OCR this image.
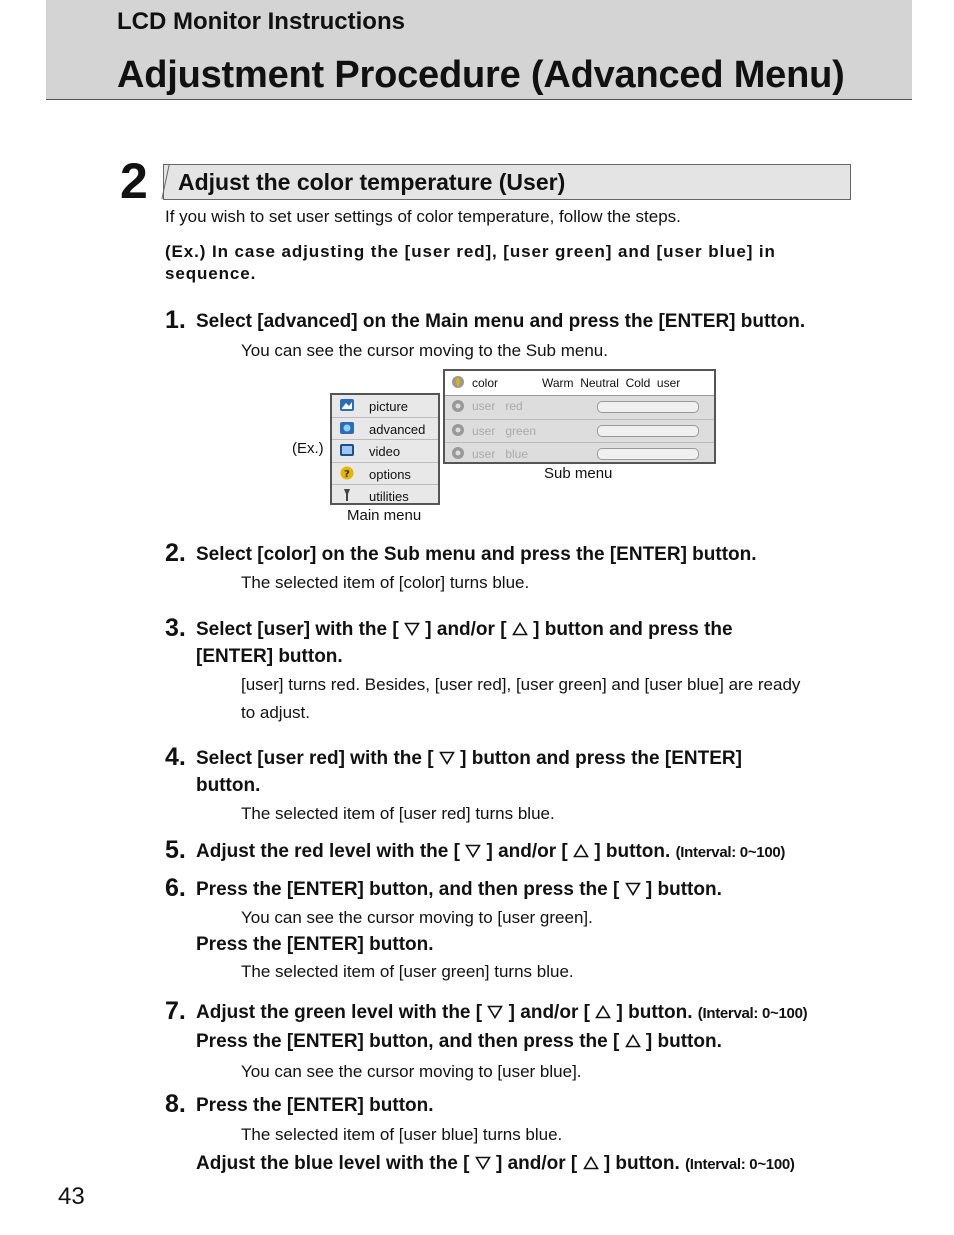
LCD Monitor Instructions
Adjustment Procedure (Advanced Menu)
2 Adjust the color temperature (User)
If you wish to set user settings of color temperature, follow the steps.
(Ex.) In case adjusting the [user red], [user green] and [user blue] in sequence.
1. Select [advanced] on the Main menu and press the [ENTER] button.
You can see the cursor moving to the Sub menu.
(Ex.)
picture
advanced
video
? options
utilities
Main menu
color	Warm  Neutral  Cold  user
user   red
user   green
user   blue
Sub menu
2. Select [color] on the Sub menu and press the [ENTER] button.
The selected item of [color] turns blue.
3. Select [user] with the [ ] and/or [ ] button and press the
[ENTER] button.
[user] turns red. Besides, [user red], [user green] and [user blue] are ready
to adjust.
4. Select [user red] with the [ ] button and press the [ENTER]
button.
The selected item of [user red] turns blue.
5. Adjust the red level with the [ ] and/or [ ] button. (Interval: 0~100)
6. Press the [ENTER] button, and then press the [ ] button.
You can see the cursor moving to [user green].
Press the [ENTER] button.
The selected item of [user green] turns blue.
7. Adjust the green level with the [ ] and/or [ ] button. (Interval: 0~100)
Press the [ENTER] button, and then press the [ ] button.
You can see the cursor moving to [user blue].
8. Press the [ENTER] button.
The selected item of [user blue] turns blue.
Adjust the blue level with the [ ] and/or [ ] button. (Interval: 0~100)
43
